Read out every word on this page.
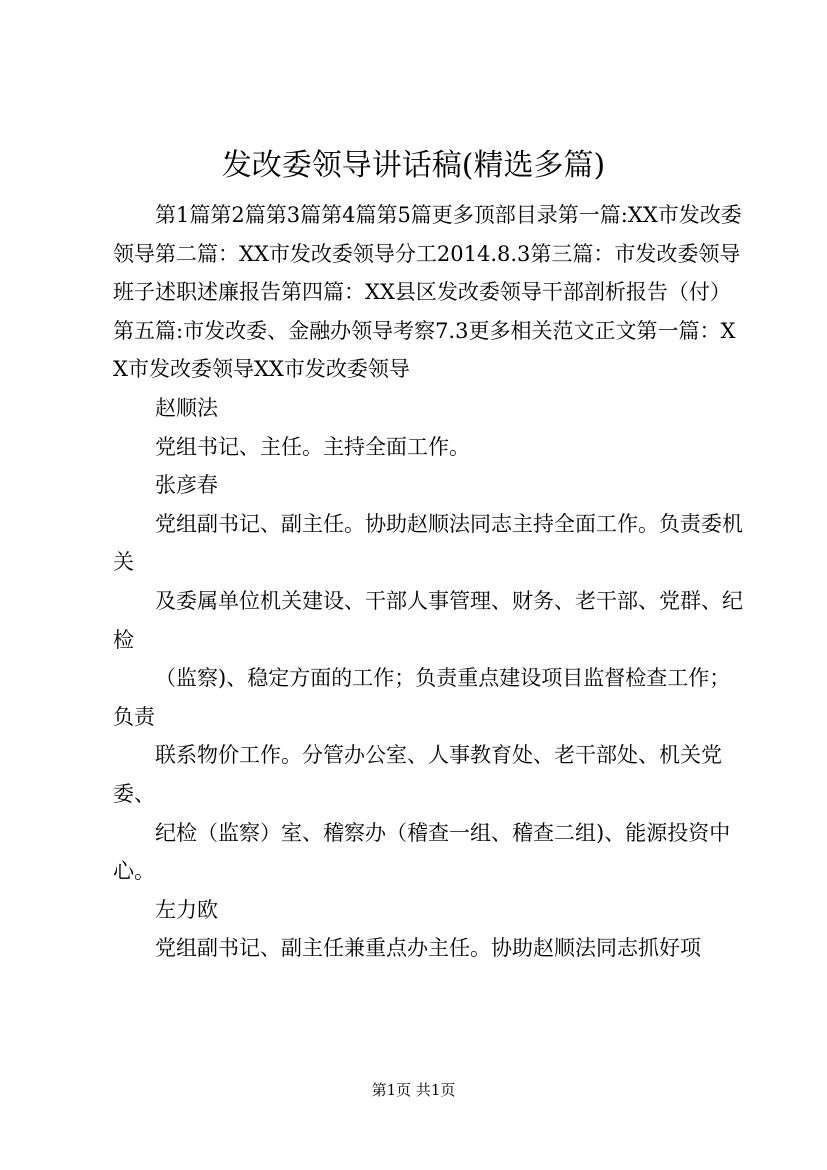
发改委领导讲话稿(精选多篇)

第1篇第2篇第3篇第4篇第5篇更多顶部目录第一篇:XX市发改委领导第二篇：XX市发改委领导分工2014.8.3第三篇：市发改委领导班子述职述廉报告第四篇：XX县区发改委领导干部剖析报告（付）第五篇:市发改委、金融办领导考察7.3更多相关范文正文第一篇：XX市发改委领导XX市发改委领导

赵顺法

党组书记、主任。主持全面工作。

张彦春

党组副书记、副主任。协助赵顺法同志主持全面工作。负责委机关

及委属单位机关建设、干部人事管理、财务、老干部、党群、纪检

（监察)、稳定方面的工作；负责重点建设项目监督检查工作；负责

联系物价工作。分管办公室、人事教育处、老干部处、机关党委、

纪检（监察）室、稽察办（稽查一组、稽查二组)、能源投资中心。

左力欧

党组副书记、副主任兼重点办主任。协助赵顺法同志抓好项

第1页 共1页
